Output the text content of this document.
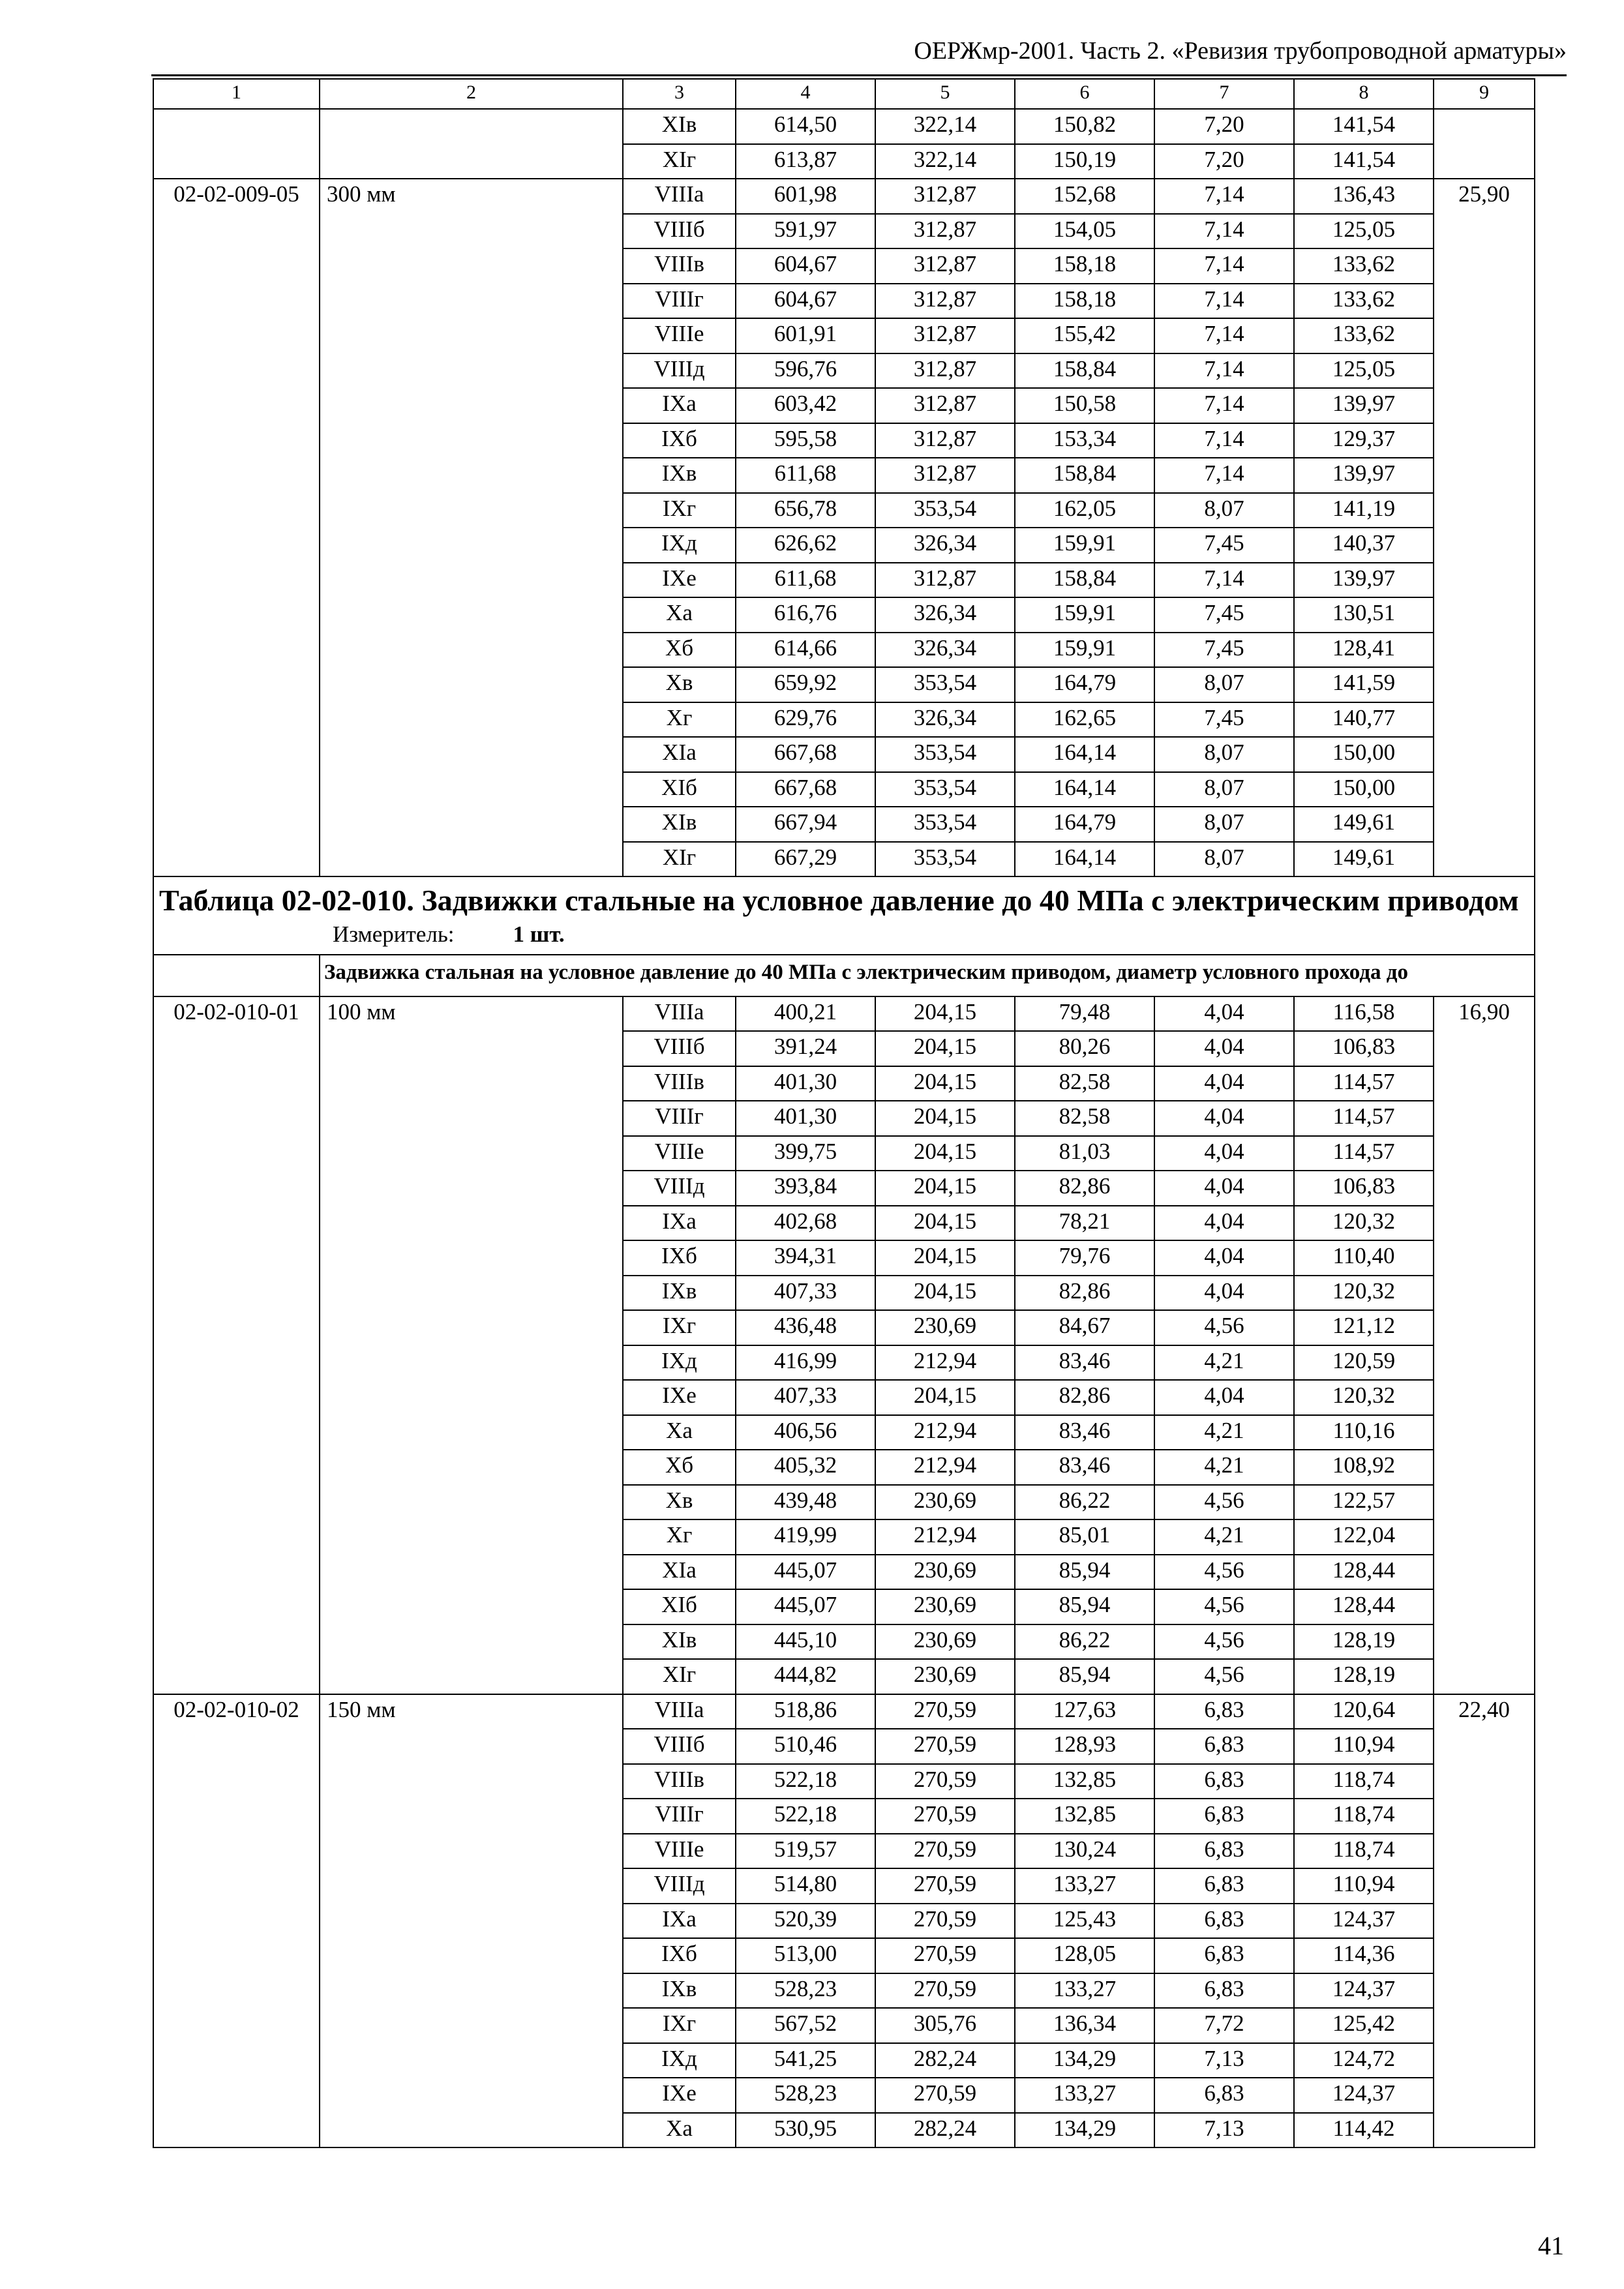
ОЕРЖмр-2001. Часть 2. «Ревизия трубопроводной арматуры»
1	2	3	4	5	6	7	8	9
		XIв	614,50	322,14	150,82	7,20	141,54	
		XIг	613,87	322,14	150,19	7,20	141,54	
02-02-009-05	300 мм	VIIIа	601,98	312,87	152,68	7,14	136,43	25,90
		VIIIб	591,97	312,87	154,05	7,14	125,05	
		VIIIв	604,67	312,87	158,18	7,14	133,62	
		VIIIг	604,67	312,87	158,18	7,14	133,62	
		VIIIе	601,91	312,87	155,42	7,14	133,62	
		VIIIд	596,76	312,87	158,84	7,14	125,05	
		IXа	603,42	312,87	150,58	7,14	139,97	
		IXб	595,58	312,87	153,34	7,14	129,37	
		IXв	611,68	312,87	158,84	7,14	139,97	
		IXг	656,78	353,54	162,05	8,07	141,19	
		IXд	626,62	326,34	159,91	7,45	140,37	
		IXе	611,68	312,87	158,84	7,14	139,97	
		Xа	616,76	326,34	159,91	7,45	130,51	
		Xб	614,66	326,34	159,91	7,45	128,41	
		Xв	659,92	353,54	164,79	8,07	141,59	
		Xг	629,76	326,34	162,65	7,45	140,77	
		XIа	667,68	353,54	164,14	8,07	150,00	
		XIб	667,68	353,54	164,14	8,07	150,00	
		XIв	667,94	353,54	164,79	8,07	149,61	
		XIг	667,29	353,54	164,14	8,07	149,61	

Таблица 02-02-010. Задвижки стальные на условное давление до 40 МПа с электрическим приводом
Измеритель: 1 шт.								

	Задвижка стальная на условное давление до 40 МПа с электрическим приводом, диаметр условного прохода до							
02-02-010-01	100 мм	VIIIа	400,21	204,15	79,48	4,04	116,58	16,90
		VIIIб	391,24	204,15	80,26	4,04	106,83	
		VIIIв	401,30	204,15	82,58	4,04	114,57	
		VIIIг	401,30	204,15	82,58	4,04	114,57	
		VIIIе	399,75	204,15	81,03	4,04	114,57	
		VIIIд	393,84	204,15	82,86	4,04	106,83	
		IXа	402,68	204,15	78,21	4,04	120,32	
		IXб	394,31	204,15	79,76	4,04	110,40	
		IXв	407,33	204,15	82,86	4,04	120,32	
		IXг	436,48	230,69	84,67	4,56	121,12	
		IXд	416,99	212,94	83,46	4,21	120,59	
		IXе	407,33	204,15	82,86	4,04	120,32	
		Xа	406,56	212,94	83,46	4,21	110,16	
		Xб	405,32	212,94	83,46	4,21	108,92	
		Xв	439,48	230,69	86,22	4,56	122,57	
		Xг	419,99	212,94	85,01	4,21	122,04	
		XIа	445,07	230,69	85,94	4,56	128,44	
		XIб	445,07	230,69	85,94	4,56	128,44	
		XIв	445,10	230,69	86,22	4,56	128,19	
		XIг	444,82	230,69	85,94	4,56	128,19	
02-02-010-02	150 мм	VIIIа	518,86	270,59	127,63	6,83	120,64	22,40
		VIIIб	510,46	270,59	128,93	6,83	110,94	
		VIIIв	522,18	270,59	132,85	6,83	118,74	
		VIIIг	522,18	270,59	132,85	6,83	118,74	
		VIIIе	519,57	270,59	130,24	6,83	118,74	
		VIIIд	514,80	270,59	133,27	6,83	110,94	
		IXа	520,39	270,59	125,43	6,83	124,37	
		IXб	513,00	270,59	128,05	6,83	114,36	
		IXв	528,23	270,59	133,27	6,83	124,37	
		IXг	567,52	305,76	136,34	7,72	125,42	
		IXд	541,25	282,24	134,29	7,13	124,72	
		IXе	528,23	270,59	133,27	6,83	124,37	
		Xа	530,95	282,24	134,29	7,13	114,42	
41
